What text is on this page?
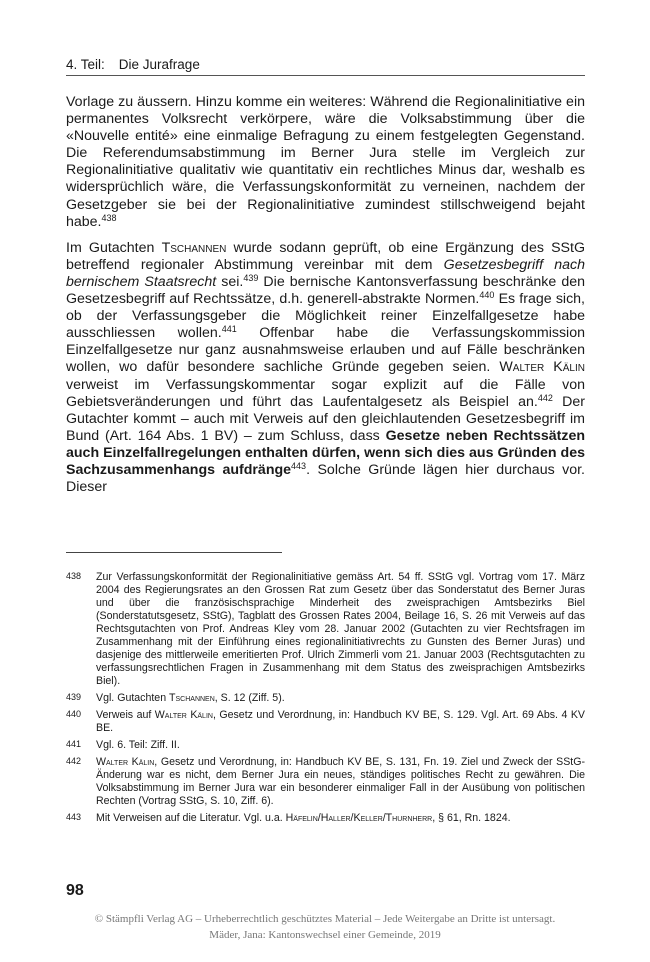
4. Teil: Die Jurafrage

Vorlage zu äussern. Hinzu komme ein weiteres: Während die Regionalinitiative ein permanentes Volksrecht verkörpere, wäre die Volksabstimmung über die «Nouvelle entité» eine einmalige Befragung zu einem festgelegten Gegenstand. Die Referendumsabstimmung im Berner Jura stelle im Vergleich zur Regionalinitiative qualitativ wie quantitativ ein rechtliches Minus dar, weshalb es widersprüchlich wäre, die Verfassungskonformität zu verneinen, nachdem der Gesetzgeber sie bei der Regionalinitiative zumindest stillschweigend bejaht habe.$^{438}$

Im Gutachten Tschannen wurde sodann geprüft, ob eine Ergänzung des SStG betreffend regionaler Abstimmung vereinbar mit dem Gesetzesbegriff nach bernischem Staatsrecht sei.$^{439}$ Die bernische Kantonsverfassung beschränke den Gesetzesbegriff auf Rechtssätze, d.h. generell-abstrakte Normen.$^{440}$ Es frage sich, ob der Verfassungsgeber die Möglichkeit reiner Einzelfallgesetze habe ausschliessen wollen.$^{441}$ Offenbar habe die Verfassungskommission Einzelfallgesetze nur ganz ausnahmsweise erlauben und auf Fälle beschränken wollen, wo dafür besondere sachliche Gründe gegeben seien. Walter Kälin verweist im Verfassungskommentar sogar explizit auf die Fälle von Gebietsveränderungen und führt das Laufentalgesetz als Beispiel an.$^{442}$ Der Gutachter kommt – auch mit Verweis auf den gleichlautenden Gesetzesbegriff im Bund (Art. 164 Abs. 1 BV) – zum Schluss, dass Gesetze neben Rechtssätzen auch Einzelfallregelungen enthalten dürfen, wenn sich dies aus Gründen des Sachzusammenhangs aufdränge$^{443}$. Solche Gründe lägen hier durchaus vor. Dieser

438	Zur Verfassungskonformität der Regionalinitiative gemäss Art. 54 ff. SStG vgl. Vortrag vom 17. März 2004 des Regierungsrates an den Grossen Rat zum Gesetz über das Sonderstatut des Berner Juras und über die französischsprachige Minderheit des zweisprachigen Amtsbezirks Biel (Sonderstatutsgesetz, SStG), Tagblatt des Grossen Rates 2004, Beilage 16, S. 26 mit Verweis auf das Rechtsgutachten von Prof. Andreas Kley vom 28. Januar 2002 (Gutachten zu vier Rechtsfragen im Zusammenhang mit der Einführung eines regionalinitiativrechts zu Gunsten des Berner Juras) und dasjenige des mittlerweile emeritierten Prof. Ulrich Zimmerli vom 21. Januar 2003 (Rechtsgutachten zu verfassungsrechtlichen Fragen in Zusammenhang mit dem Status des zweisprachigen Amtsbezirks Biel).
439	Vgl. Gutachten Tschannen, S. 12 (Ziff. 5).
440	Verweis auf Walter Kälin, Gesetz und Verordnung, in: Handbuch KV BE, S. 129. Vgl. Art. 69 Abs. 4 KV BE.
441	Vgl. 6. Teil: Ziff. II.
442	Walter Kälin, Gesetz und Verordnung, in: Handbuch KV BE, S. 131, Fn. 19. Ziel und Zweck der SStG-Änderung war es nicht, dem Berner Jura ein neues, ständiges politisches Recht zu gewähren. Die Volksabstimmung im Berner Jura war ein besonderer einmaliger Fall in der Ausübung von politischen Rechten (Vortrag SStG, S. 10, Ziff. 6).
443	Mit Verweisen auf die Literatur. Vgl. u.a. Häfelin/Haller/Keller/Thurnherr, § 61, Rn. 1824.
98
© Stämpfli Verlag AG – Urheberrechtlich geschütztes Material – Jede Weitergabe an Dritte ist untersagt.
Mäder, Jana: Kantonswechsel einer Gemeinde, 2019
